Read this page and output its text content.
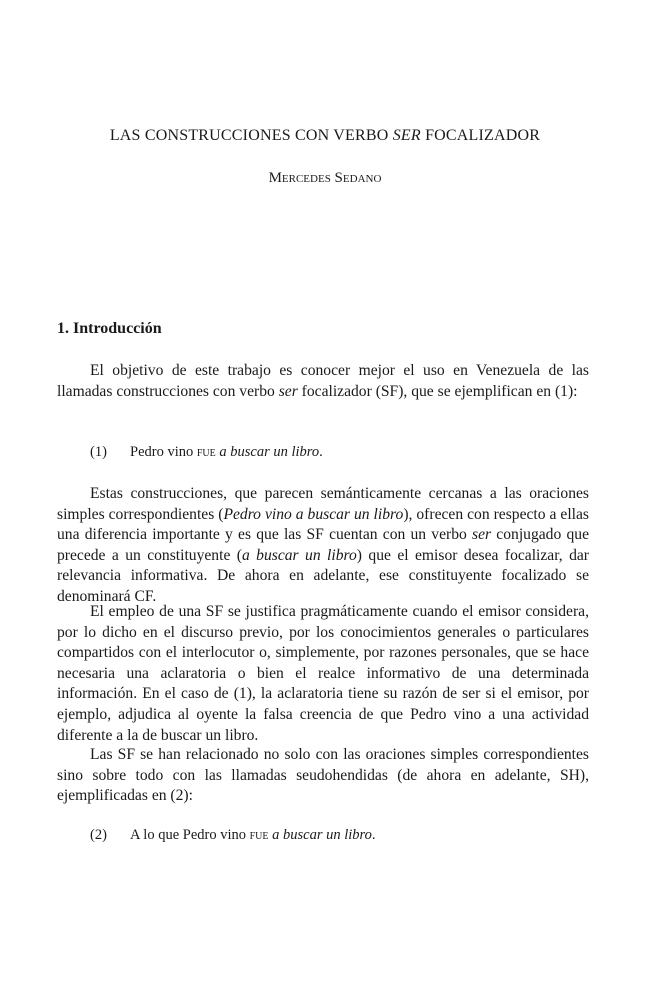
LAS CONSTRUCCIONES CON VERBO SER FOCALIZADOR
Mercedes Sedano
1. Introducción

El objetivo de este trabajo es conocer mejor el uso en Venezuela de las llamadas construcciones con verbo ser focalizador (SF), que se ejemplifican en (1):

(1) Pedro vino fue a buscar un libro.

Estas construcciones, que parecen semánticamente cercanas a las oraciones simples correspondientes (Pedro vino a buscar un libro), ofrecen con respecto a ellas una diferencia importante y es que las SF cuentan con un verbo ser conjugado que precede a un constituyente (a buscar un libro) que el emisor desea focalizar, dar relevancia informativa. De ahora en adelante, ese constituyente focalizado se denominará CF.

El empleo de una SF se justifica pragmáticamente cuando el emisor considera, por lo dicho en el discurso previo, por los conocimientos generales o particulares compartidos con el interlocutor o, simplemente, por razones personales, que se hace necesaria una aclaratoria o bien el realce informativo de una determinada información. En el caso de (1), la aclaratoria tiene su razón de ser si el emisor, por ejemplo, adjudica al oyente la falsa creencia de que Pedro vino a una actividad diferente a la de buscar un libro.

Las SF se han relacionado no solo con las oraciones simples correspondientes sino sobre todo con las llamadas seudohendidas (de ahora en adelante, SH), ejemplificadas en (2):

(2) A lo que Pedro vino fue a buscar un libro.
